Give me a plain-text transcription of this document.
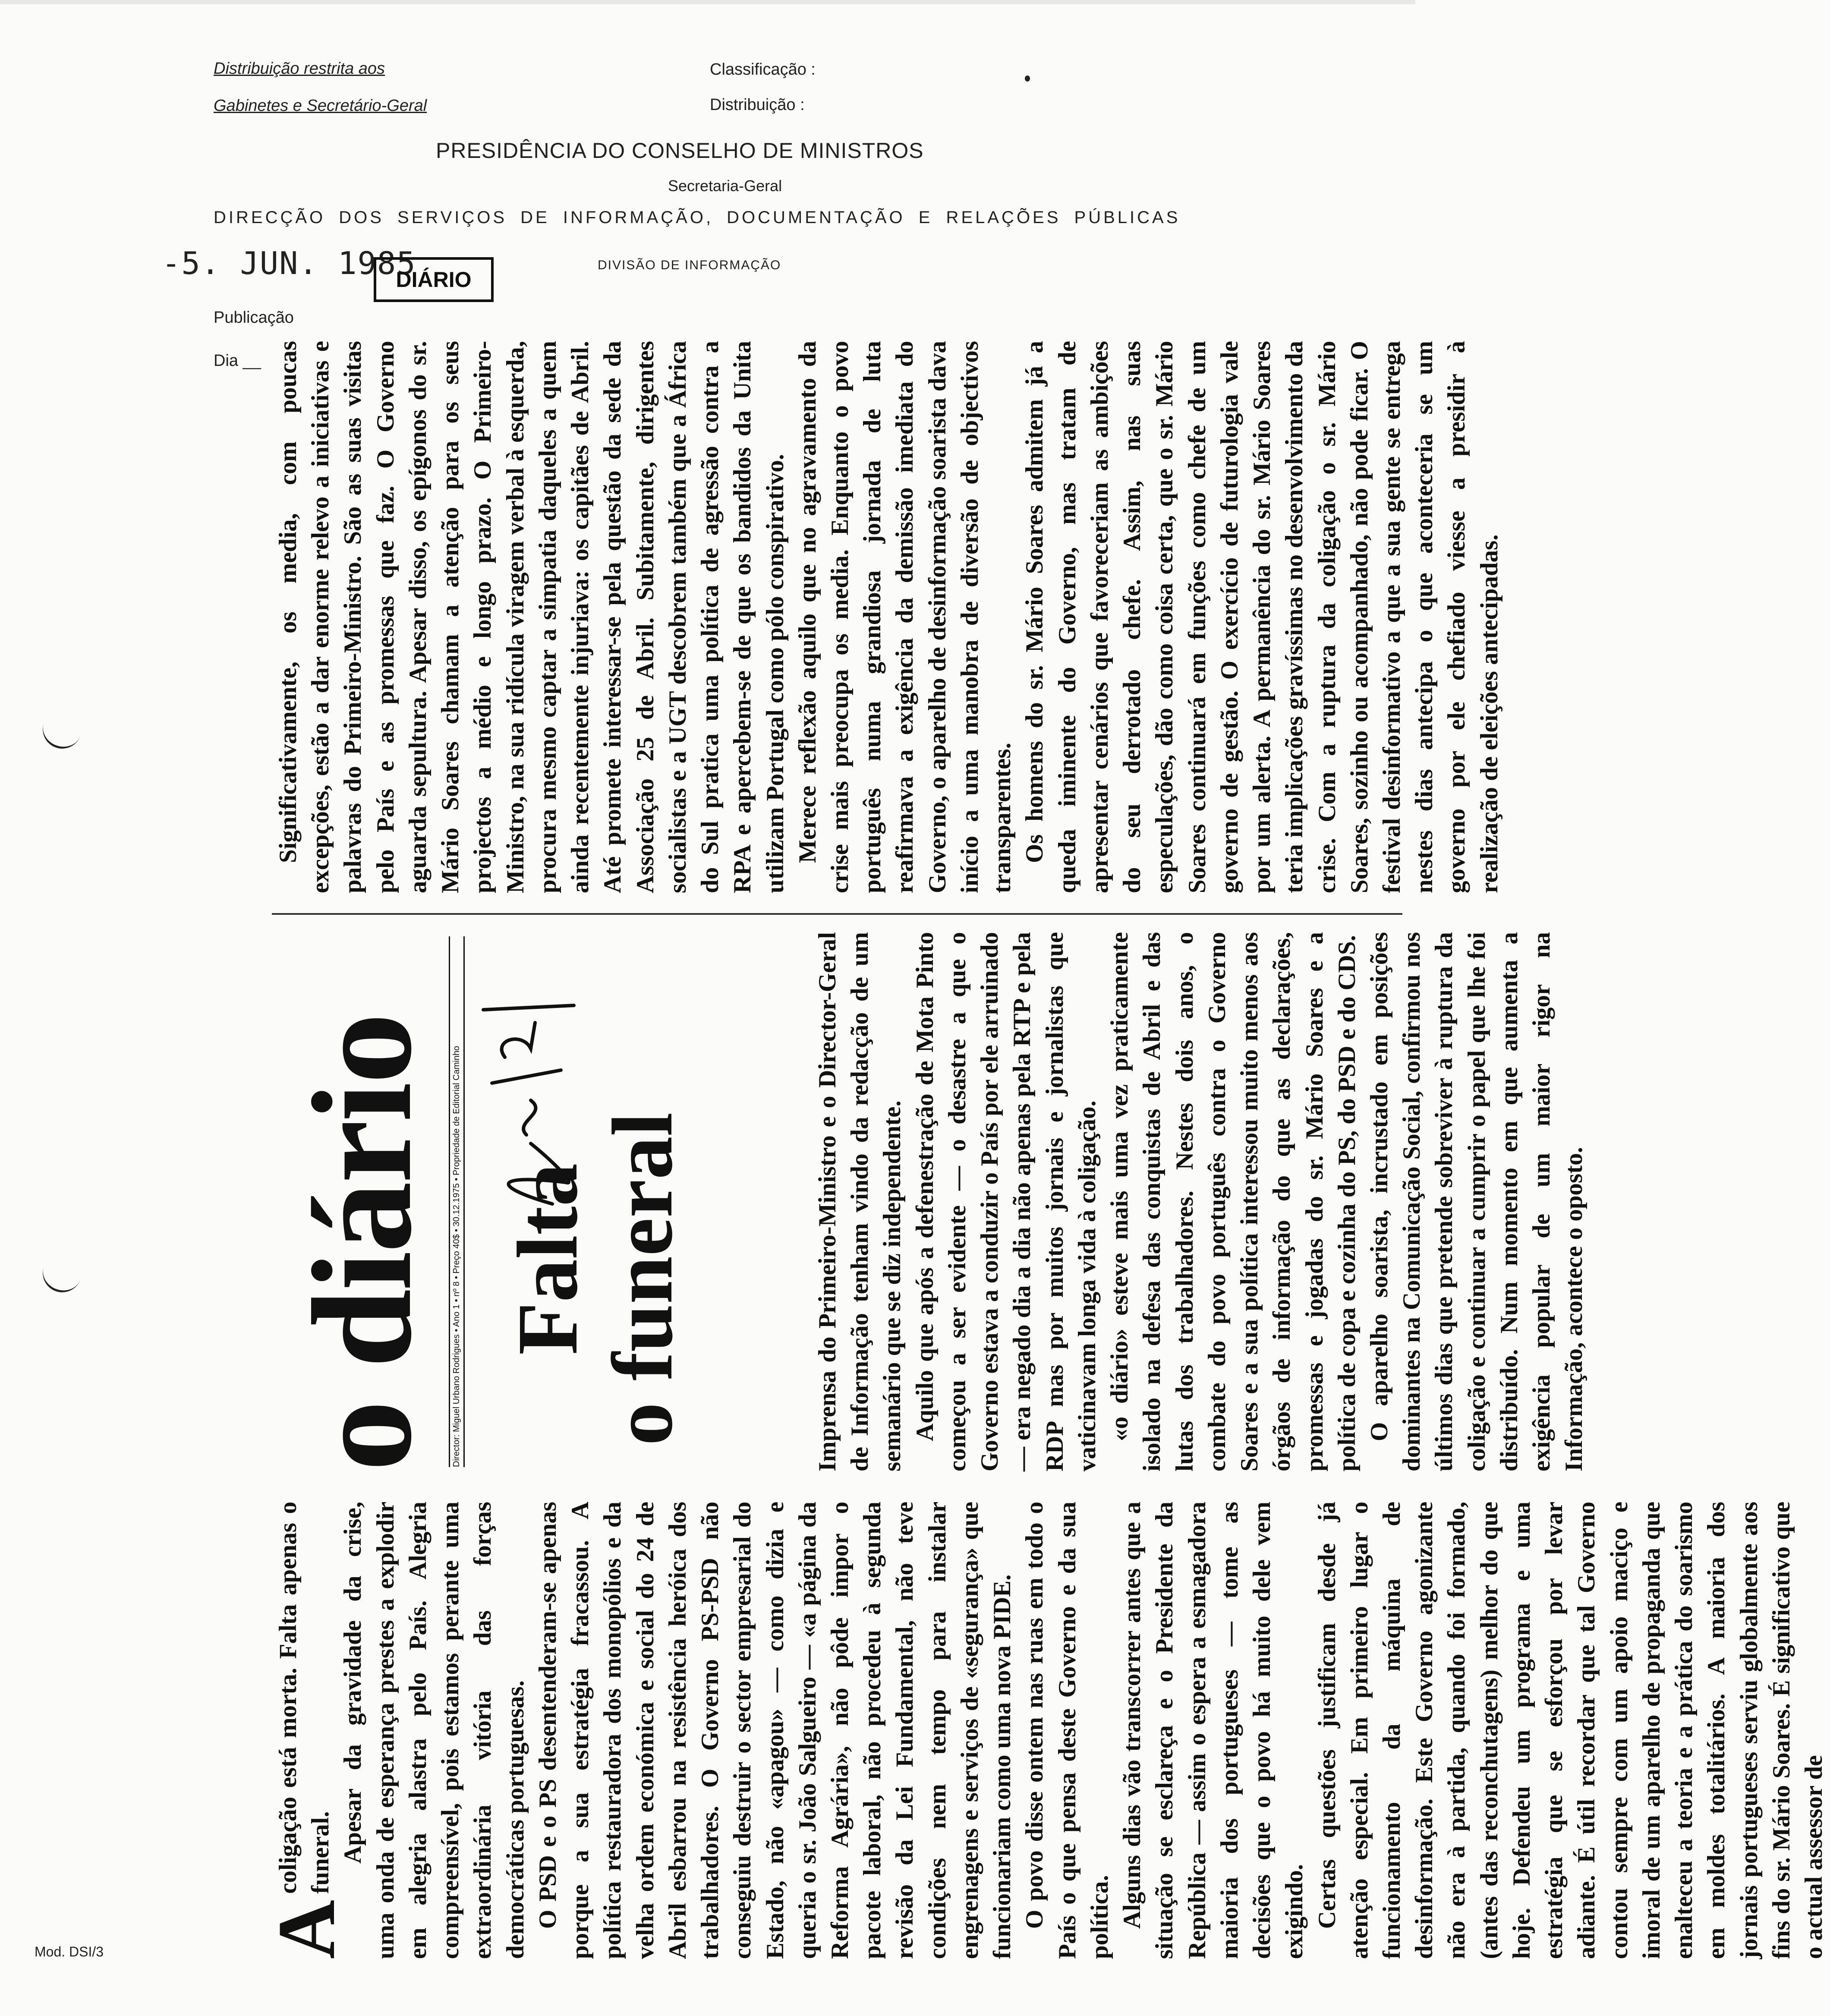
Distribuição restrita aos
Gabinetes e Secretário-Geral
Classificação :
Distribuição :
PRESIDÊNCIA DO CONSELHO DE MINISTROS
Secretaria-Geral
DIRECÇÃO DOS SERVIÇOS DE INFORMAÇÃO, DOCUMENTAÇÃO E RELAÇÕES PÚBLICAS
-5. JUN. 1985
DIÁRIO
DIVISÃO DE INFORMAÇÃO
Publicação
Dia __
Mod. DSI/3 A

coligação está morta. Falta apenas o funeral. Apesar da gravidade da crise, uma onda de esperança prestes a explodir em alegria alastra pelo País. Alegria compreensível, pois estamos perante uma extraordinária vitória das forças democráticas portuguesas. O PSD e o PS desentenderam-se apenas porque a sua estratégia fracassou. A política restauradora dos monopólios e da velha ordem económica e social do 24 de Abril esbarrou na resistência heróica dos trabalhadores. O Governo PS-PSD não conseguiu destruir o sector empresarial do Estado, não «apagou» — como dizia e queria o sr. João Salgueiro — «a página da Reforma Agrária», não pôde impor o pacote laboral, não procedeu à segunda revisão da Lei Fundamental, não teve condições nem tempo para instalar engrenagens e serviços de «segurança» que funcionariam como uma nova PIDE. O povo disse ontem nas ruas em todo o País o que pensa deste Governo e da sua política. Alguns dias vão transcorrer antes que a situação se esclareça e o Presidente da República — assim o espera a esmagadora maioria dos portugueses — tome as decisões que o povo há muito dele vem exigindo. Certas questões justificam desde já atenção especial. Em primeiro lugar o funcionamento da máquina de desinformação. Este Governo agonizante não era à partida, quando foi formado, (antes das reconchutagens) melhor do que hoje. Defendeu um programa e uma estratégia que se esforçou por levar adiante. É útil recordar que tal Governo contou sempre com um apoio maciço e imoral de um aparelho de propaganda que enalteceu a teoria e a prática do soarismo em moldes totalitários. A maioria dos jornais portugueses serviu globalmente aos fins do sr. Mário Soares. É significativo que o actual assessor de

o diário	Director: Miguel Urbano Rodrigues • Ano 1 • nº 8 • Preço 40$ • 30.12.1975 • Propriedade de Editorial Caminho Falta o funeral	Imprensa do Primeiro-Ministro e o Director-Geral de Informação tenham vindo da redacção de um semanário que se diz independente. Aquilo que após a defenestração de Mota Pinto começou a ser evidente — o desastre a que o Governo estava a conduzir o País por ele arruinado — era negado dia a dia não apenas pela RTP e pela RDP mas por muitos jornais e jornalistas que vaticinavam longa vida à coligação. «o diário» esteve mais uma vez praticamente isolado na defesa das conquistas de Abril e das lutas dos trabalhadores. Nestes dois anos, o combate do povo português contra o Governo Soares e a sua política interessou muito menos aos órgãos de informação do que as declarações, promessas e jogadas do sr. Mário Soares e a política de copa e cozinha do PS, do PSD e do CDS. O aparelho soarista, incrustado em posições dominantes na Comunicação Social, confirmou nos últimos dias que pretende sobreviver à ruptura da coligação e continuar a cumprir o papel que lhe foi distribuído. Num momento em que aumenta a exigência popular de um maior rigor na Informação, acontece o oposto.

Significativamente, os media, com poucas excepções, estão a dar enorme relevo a iniciativas e palavras do Primeiro-Ministro. São as suas visitas pelo País e as promessas que faz. O Governo aguarda sepultura. Apesar disso, os epígonos do sr. Mário Soares chamam a atenção para os seus projectos a médio e longo prazo. O Primeiro-Ministro, na sua ridícula viragem verbal à esquerda, procura mesmo captar a simpatia daqueles a quem ainda recentemente injuriava: os capitães de Abril. Até promete interessar-se pela questão da sede da Associação 25 de Abril. Subitamente, dirigentes socialistas e a UGT descobrem também que a África do Sul pratica uma política de agressão contra a RPA e apercebem-se de que os bandidos da Unita utilizam Portugal como pólo conspirativo. Merece reflexão aquilo que no agravamento da crise mais preocupa os media. Enquanto o povo português numa grandiosa jornada de luta reafirmava a exigência da demissão imediata do Governo, o aparelho de desinformação soarista dava início a uma manobra de diversão de objectivos transparentes. Os homens do sr. Mário Soares admitem já a queda iminente do Governo, mas tratam de apresentar cenários que favoreceriam as ambições do seu derrotado chefe. Assim, nas suas especulações, dão como coisa certa, que o sr. Mário Soares continuará em funções como chefe de um governo de gestão. O exercício de futurologia vale por um alerta. A permanência do sr. Mário Soares teria implicações gravíssimas no desenvolvimento da crise. Com a ruptura da coligação o sr. Mário Soares, sozinho ou acompanhado, não pode ficar. O festival desinformativo a que a sua gente se entrega nestes dias antecipa o que aconteceria se um governo por ele chefiado viesse a presidir à realização de eleições antecipadas.
